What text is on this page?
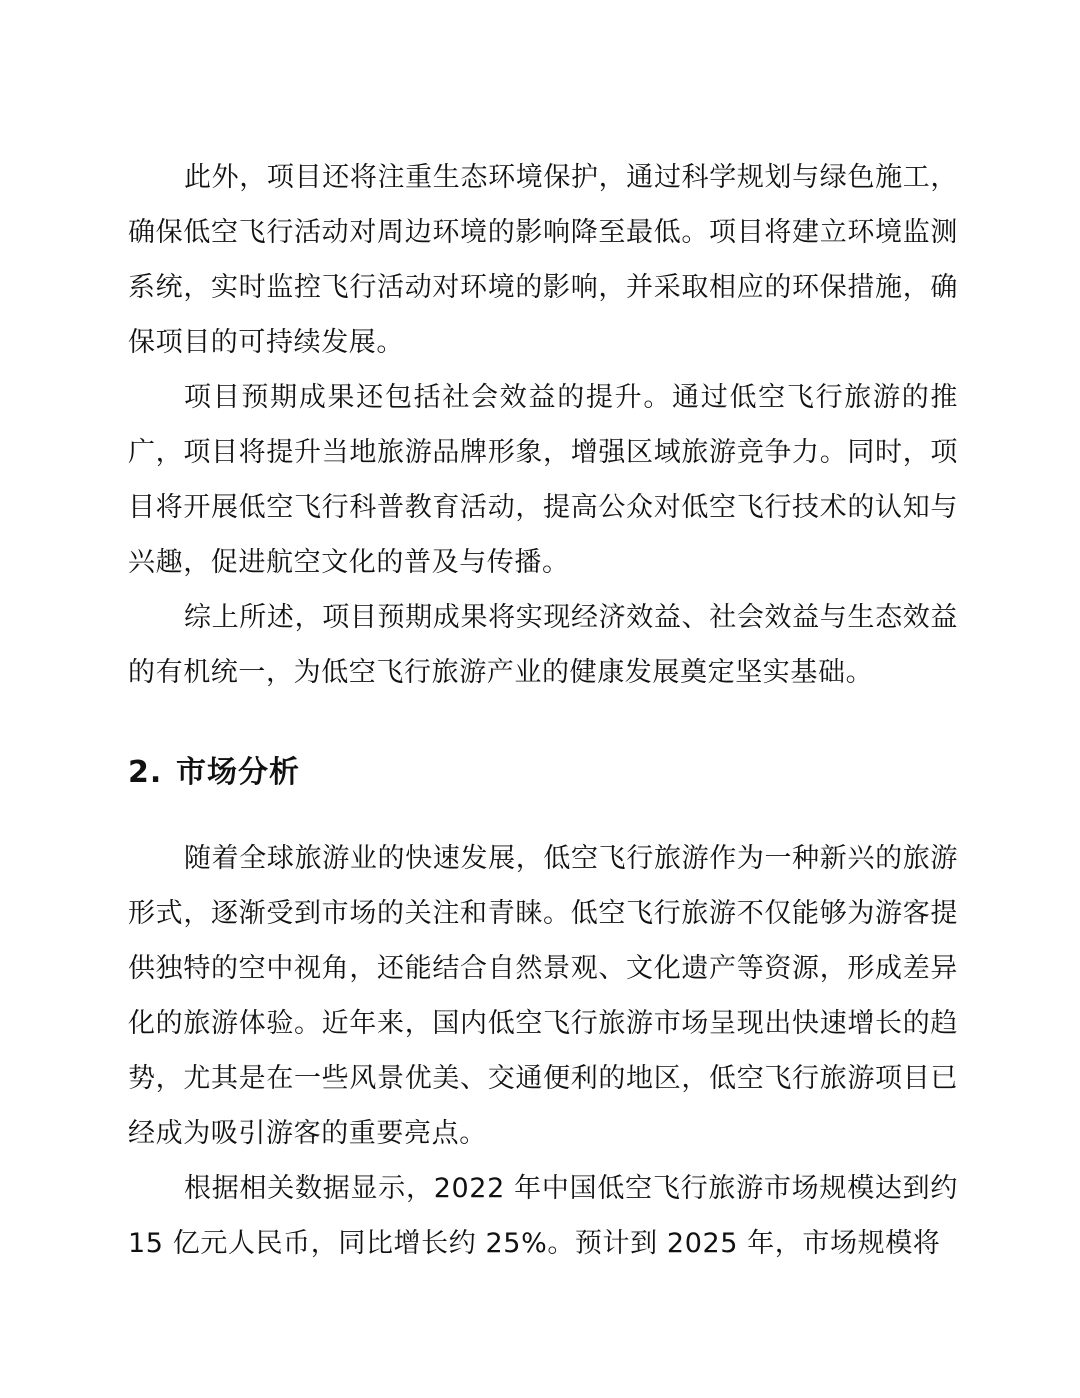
此外，项目还将注重生态环境保护，通过科学规划与绿色施工，确保低空飞行活动对周边环境的影响降至最低。项目将建立环境监测系统，实时监控飞行活动对环境的影响，并采取相应的环保措施，确保项目的可持续发展。

项目预期成果还包括社会效益的提升。通过低空飞行旅游的推广，项目将提升当地旅游品牌形象，增强区域旅游竞争力。同时，项目将开展低空飞行科普教育活动，提高公众对低空飞行技术的认知与兴趣，促进航空文化的普及与传播。

综上所述，项目预期成果将实现经济效益、社会效益与生态效益的有机统一，为低空飞行旅游产业的健康发展奠定坚实基础。

2. 市场分析

随着全球旅游业的快速发展，低空飞行旅游作为一种新兴的旅游形式，逐渐受到市场的关注和青睐。低空飞行旅游不仅能够为游客提供独特的空中视角，还能结合自然景观、文化遗产等资源，形成差异化的旅游体验。近年来，国内低空飞行旅游市场呈现出快速增长的趋势，尤其是在一些风景优美、交通便利的地区，低空飞行旅游项目已经成为吸引游客的重要亮点。

根据相关数据显示，2022 年中国低空飞行旅游市场规模达到约 15 亿元人民币，同比增长约 25%。预计到 2025 年，市场规模将
